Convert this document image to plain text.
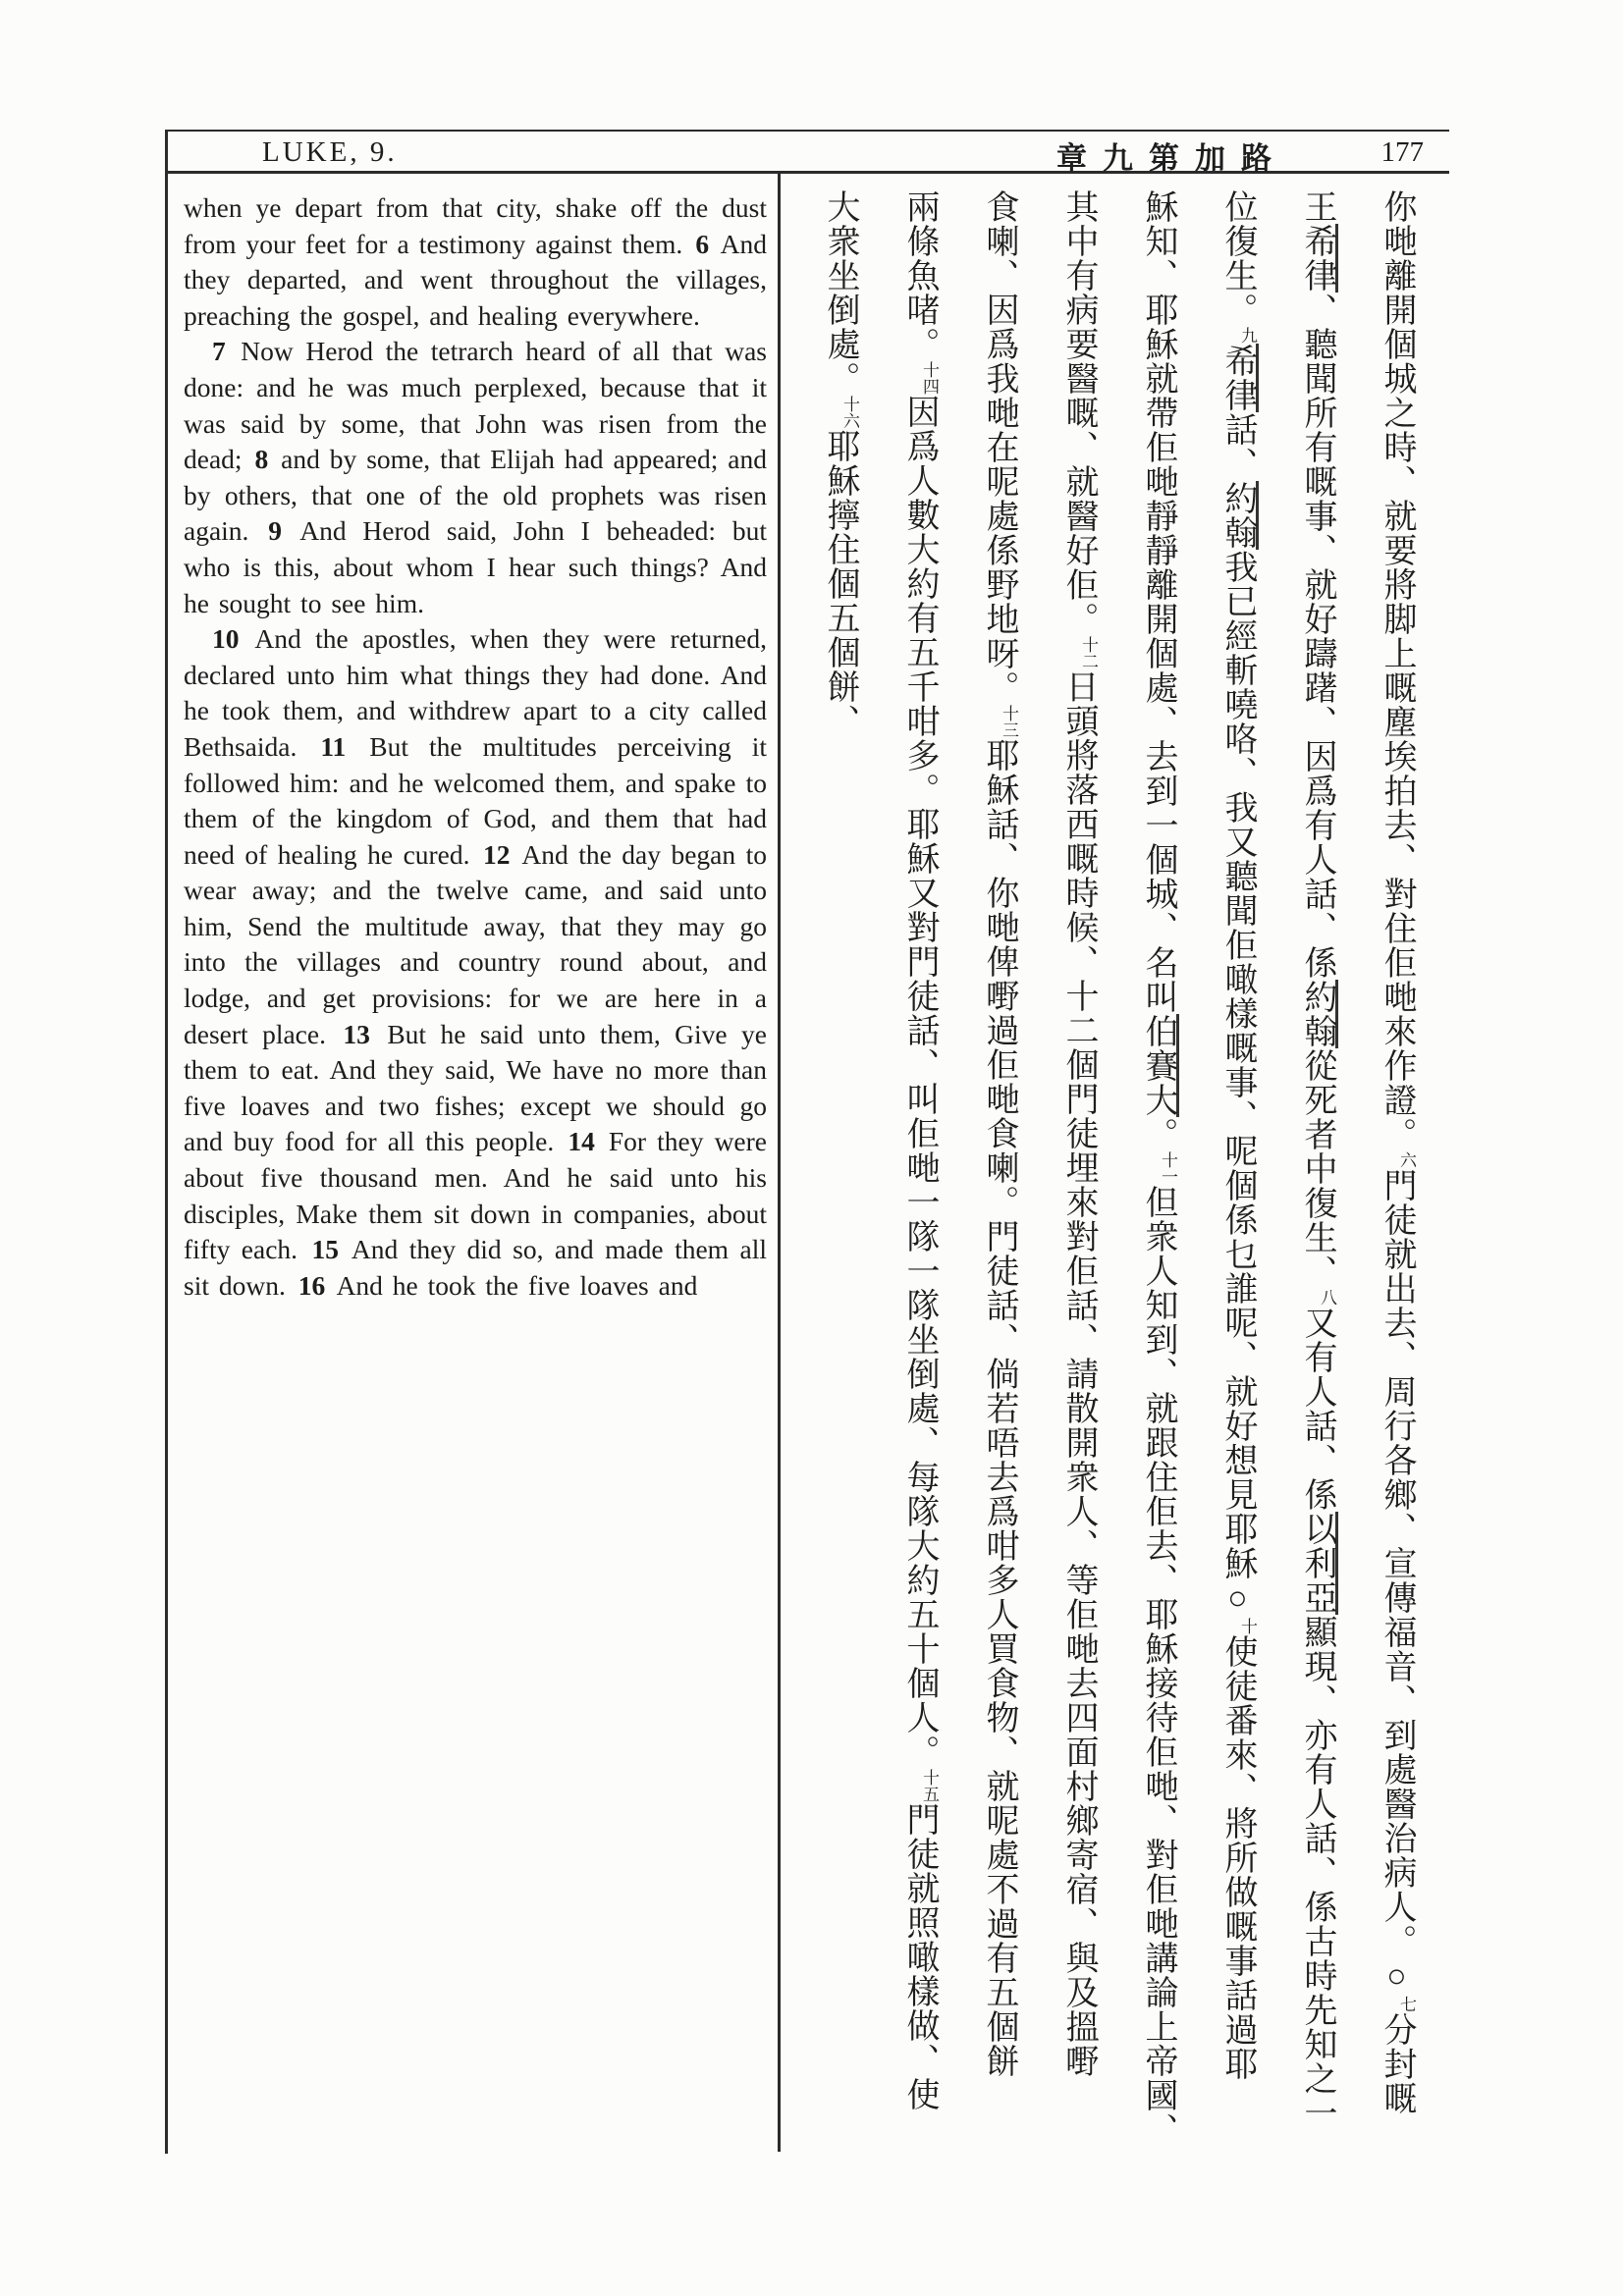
LUKE, 9.	章九第加路	177

when ye depart from that city, shake off the dust from your feet for a testimony against them. 6 And they departed, and went throughout the villages, preaching the gospel, and healing everywhere.

7 Now Herod the tetrarch heard of all that was done: and he was much perplexed, because that it was said by some, that John was risen from the dead; 8 and by some, that Elijah had appeared; and by others, that one of the old prophets was risen again. 9 And Herod said, John I beheaded: but who is this, about whom I hear such things? And he sought to see him.

10 And the apostles, when they were returned, declared unto him what things they had done. And he took them, and withdrew apart to a city called Bethsaida. 11 But the multitudes perceiving it followed him: and he welcomed them, and spake to them of the kingdom of God, and them that had need of healing he cured. 12 And the day began to wear away; and the twelve came, and said unto him, Send the multitude away, that they may go into the villages and country round about, and lodge, and get provisions: for we are here in a desert place. 13 But he said unto them, Give ye them to eat. And they said, We have no more than five loaves and two fishes; except we should go and buy food for all this people. 14 For they were about five thousand men. And he said unto his disciples, Make them sit down in companies, about fifty each. 15 And they did so, and made them all sit down. 16 And he took the five loaves and

你哋離開個城之時、就要將脚上嘅塵埃拍去、對住佢哋來作證。六門徒就出去、周行各鄉、宣傳福音、到處醫治病人。○七分封嘅
王希律、聽聞所有嘅事、就好躊躇、因爲有人話、係約翰從死者中復生、八又有人話、係以利亞顯現、亦有人話、係古時先知之一
位復生。九希律話、約翰我已經斬嘵咯、我又聽聞佢噉樣嘅事、呢個係乜誰呢、就好想見耶穌○十使徒番來、將所做嘅事話過耶
穌知、耶穌就帶佢哋靜靜離開個處、去到一個城、名叫伯賽大。十一但衆人知到、就跟住佢去、耶穌接待佢哋、對佢哋講論上帝國、
其中有病要醫嘅、就醫好佢。十二日頭將落西嘅時候、十二個門徒埋來對佢話、請散開衆人、等佢哋去四面村鄉寄宿、與及搵嘢
食喇、因爲我哋在呢處係野地呀。十三耶穌話、你哋俾嘢過佢哋食喇。門徒話、倘若唔去爲咁多人買食物、就呢處不過有五個餅
兩條魚啫。十四因爲人數大約有五千咁多。耶穌又對門徒話、叫佢哋一隊一隊坐倒處、每隊大約五十個人。十五門徒就照噉樣做、使
大衆坐倒處。十六耶穌擰住個五個餅、
